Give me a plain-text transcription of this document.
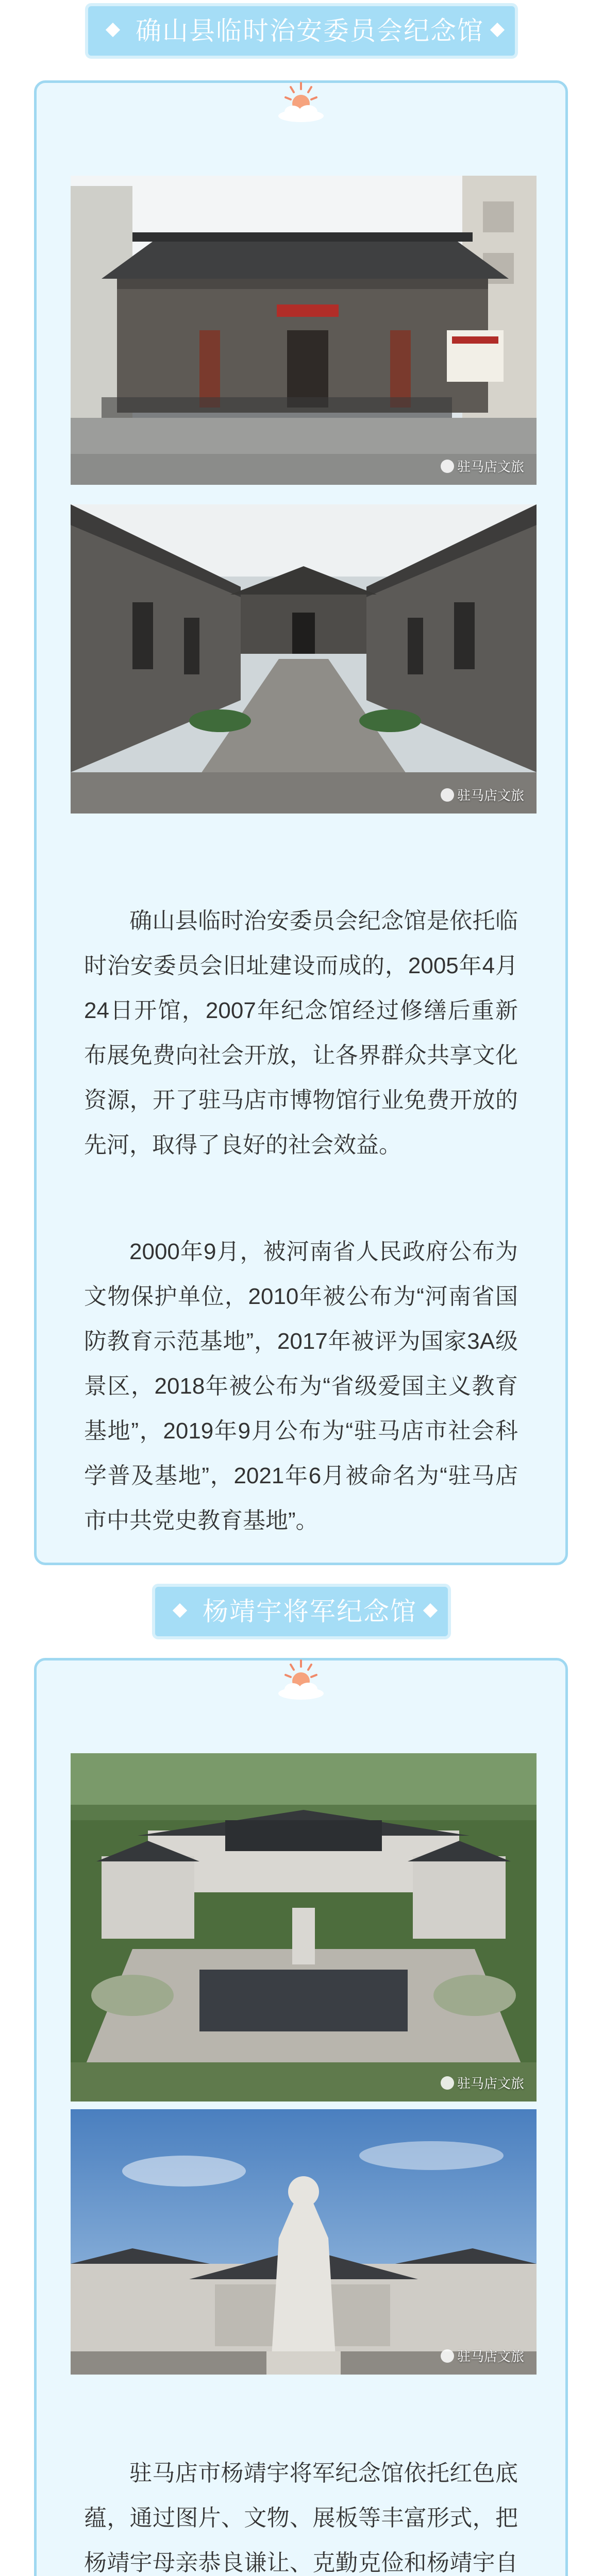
确山县临时治安委员会纪念馆
驻马店文旅
驻马店文旅

确山县临时治安委员会纪念馆是依托临时治安委员会旧址建设而成的，2005年4月24日开馆，2007年纪念馆经过修缮后重新布展免费向社会开放，让各界群众共享文化资源，开了驻马店市博物馆行业免费开放的先河，取得了良好的社会效益。

2000年9月，被河南省人民政府公布为文物保护单位，2010年被公布为“河南省国防教育示范基地”，2017年被评为国家3A级景区，2018年被公布为“省级爱国主义教育基地”，2019年9月公布为“驻马店市社会科学普及基地”，2021年6月被命名为“驻马店市中共党史教育基地”。

杨靖宇将军纪念馆
驻马店文旅
驻马店文旅

驻马店市杨靖宇将军纪念馆依托红色底蕴，通过图片、文物、展板等丰富形式，把杨靖宇母亲恭良谦让、克勤克俭和杨靖宇自
